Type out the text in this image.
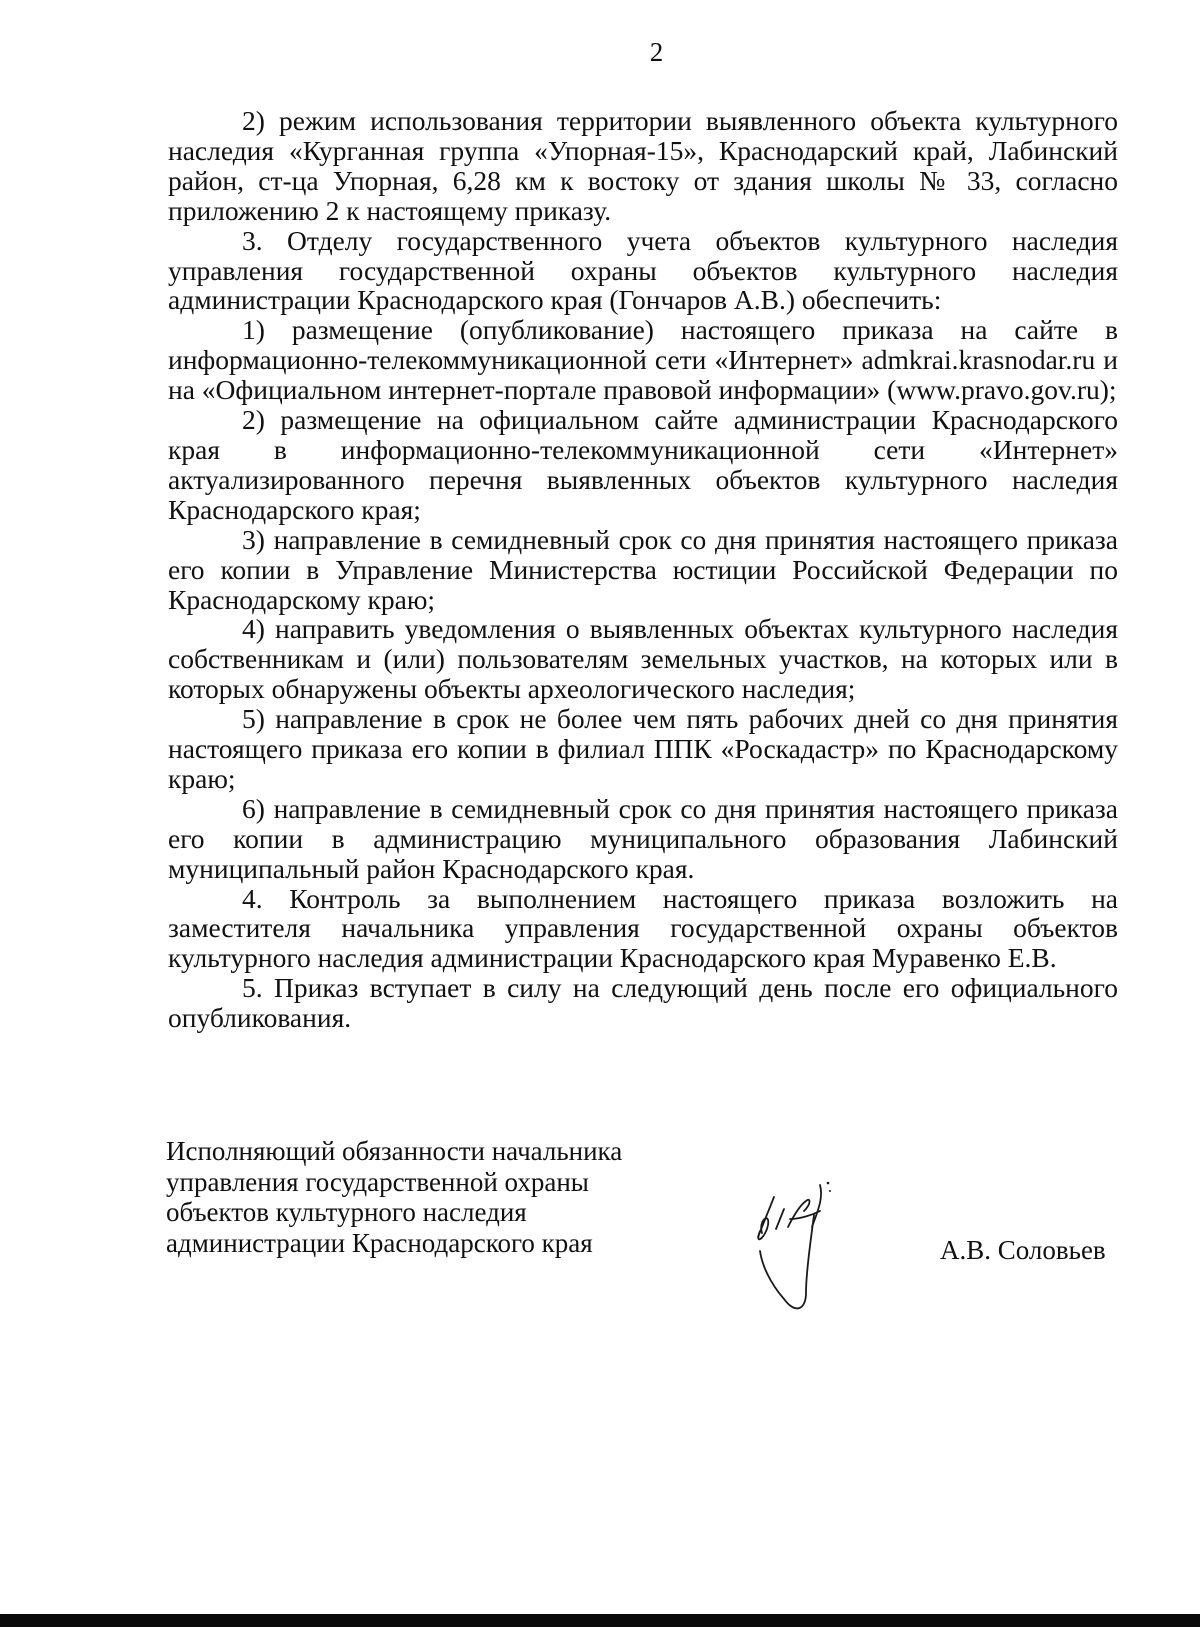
2

2) режим использования территории выявленного объекта культурного наследия «Курганная группа «Упорная-15», Краснодарский край, Лабинский район, ст-ца Упорная, 6,28 км к востоку от здания школы № 33, согласно приложению 2 к настоящему приказу.

3. Отделу государственного учета объектов культурного наследия управления государственной охраны объектов культурного наследия администрации Краснодарского края (Гончаров А.В.) обеспечить:

1) размещение (опубликование) настоящего приказа на сайте в информационно-телекоммуникационной сети «Интернет» admkrai.krasnodar.ru и на «Официальном интернет-портале правовой информации» (www.pravo.gov.ru);

2) размещение на официальном сайте администрации Краснодарского края в информационно-телекоммуникационной сети «Интернет» актуализированного перечня выявленных объектов культурного наследия Краснодарского края;

3) направление в семидневный срок со дня принятия настоящего приказа его копии в Управление Министерства юстиции Российской Федерации по Краснодарскому краю;

4) направить уведомления о выявленных объектах культурного наследия собственникам и (или) пользователям земельных участков, на которых или в которых обнаружены объекты археологического наследия;

5) направление в срок не более чем пять рабочих дней со дня принятия настоящего приказа его копии в филиал ППК «Роскадастр» по Краснодарскому краю;

6) направление в семидневный срок со дня принятия настоящего приказа его копии в администрацию муниципального образования Лабинский муниципальный район Краснодарского края.

4. Контроль за выполнением настоящего приказа возложить на заместителя начальника управления государственной охраны объектов культурного наследия администрации Краснодарского края Муравенко Е.В.

5. Приказ вступает в силу на следующий день после его официального опубликования.

Исполняющий обязанности начальника
управления государственной охраны
объектов культурного наследия
администрации Краснодарского края	А.В. Соловьев
